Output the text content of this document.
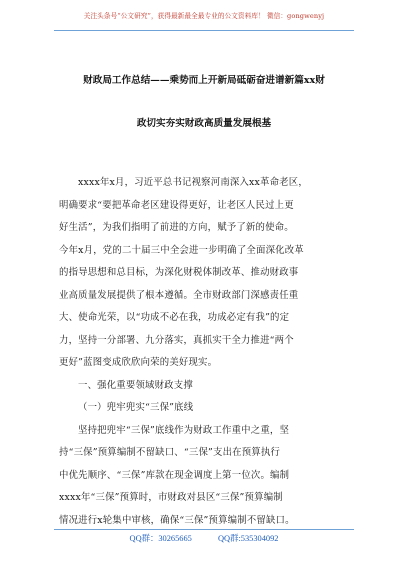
关注头条号“公文研究”，获得最新最全最专业的公文资料库！ 微信：gongwenyj
财政局工作总结——乘势而上开新局砥砺奋进谱新篇xx财
政切实夯实财政高质量发展根基
xxxx年x月，习近平总书记视察河南深入xx革命老区，
明确要求“要把革命老区建设得更好，让老区人民过上更
好生活”，为我们指明了前进的方向，赋予了新的使命。
今年x月，党的二十届三中全会进一步明确了全面深化改革
的指导思想和总目标，为深化财税体制改革、推动财政事
业高质量发展提供了根本遵循。全市财政部门深感责任重
大、使命光荣，以“功成不必在我，功成必定有我”的定
力，坚持一分部署、九分落实，真抓实干全力推进“两个
更好”蓝图变成欣欣向荣的美好现实。
一、强化重要领域财政支撑
（一）兜牢兜实“三保”底线
坚持把兜牢“三保”底线作为财政工作重中之重，坚
持“三保”预算编制不留缺口、“三保”支出在预算执行
中优先顺序、“三保”库款在现金调度上第一位次。编制
xxxx年“三保”预算时，市财政对县区“三保”预算编制
情况进行x轮集中审核，确保“三保”预算编制不留缺口。
QQ群：30265665	QQ群:535304092
